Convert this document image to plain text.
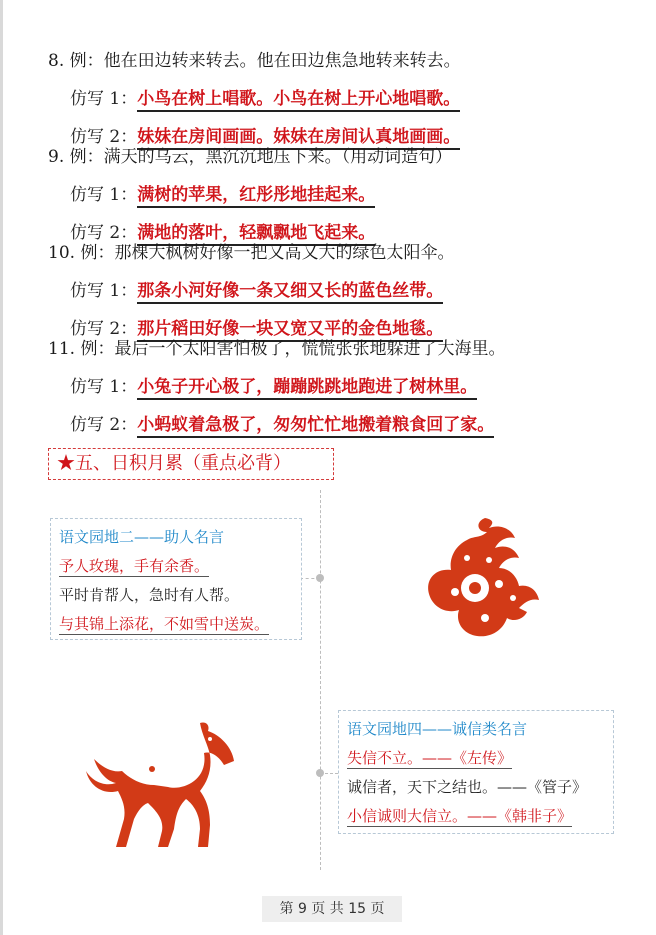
8. 例：他在田边转来转去。他在田边焦急地转来转去。
仿写 1：小鸟在树上唱歌。小鸟在树上开心地唱歌。
仿写 2：妹妹在房间画画。妹妹在房间认真地画画。
9. 例：满天的乌云，黑沉沉地压下来。（用动词造句）
仿写 1：满树的苹果，红彤彤地挂起来。
仿写 2：满地的落叶，轻飘飘地飞起来。
10. 例：那棵大枫树好像一把又高又大的绿色太阳伞。
仿写 1：那条小河好像一条又细又长的蓝色丝带。
仿写 2：那片稻田好像一块又宽又平的金色地毯。
11. 例：最后一个太阳害怕极了，慌慌张张地躲进了大海里。
仿写 1：小兔子开心极了，蹦蹦跳跳地跑进了树林里。
仿写 2：小蚂蚁着急极了，匆匆忙忙地搬着粮食回了家。
★五、日积月累（重点必背）
语文园地二——助人名言
予人玫瑰，手有余香。
平时肯帮人，急时有人帮。
与其锦上添花，不如雪中送炭。
语文园地四——诚信类名言
失信不立。——《左传》
诚信者，天下之结也。——《管子》
小信诚则大信立。——《韩非子》
第 9 页 共 15 页
